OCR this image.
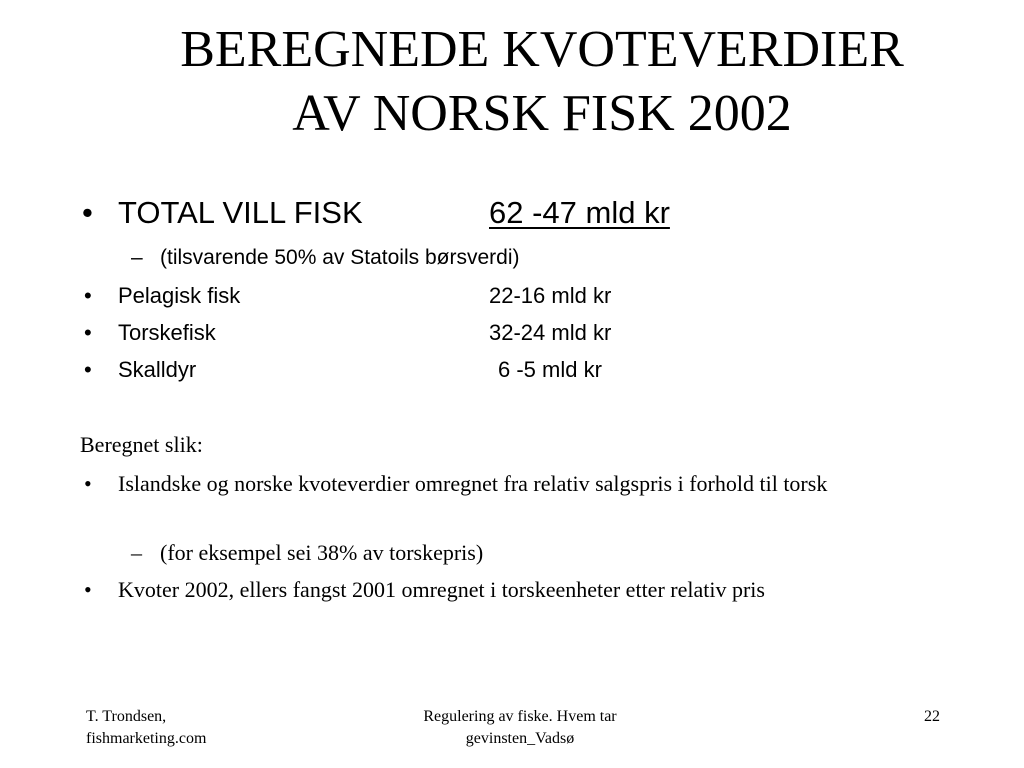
BEREGNEDE KVOTEVERDIER
AV NORSK FISK 2002
• TOTAL VILL FISK	62 -47 mld kr
– (tilsvarende 50% av Statoils børsverdi)
• Pelagisk fisk	22-16 mld kr
• Torskefisk	32-24 mld kr
• Skalldyr	6 -5 mld kr
Beregnet slik:
• Islandske og norske kvoteverdier omregnet fra relativ salgspris i forhold til torsk
– (for eksempel sei 38% av torskepris)
• Kvoter 2002, ellers fangst 2001 omregnet i torskeenheter etter relativ pris
T. Trondsen,
fishmarketing.com
Regulering av fiske. Hvem tar
gevinsten_Vadsø
22
